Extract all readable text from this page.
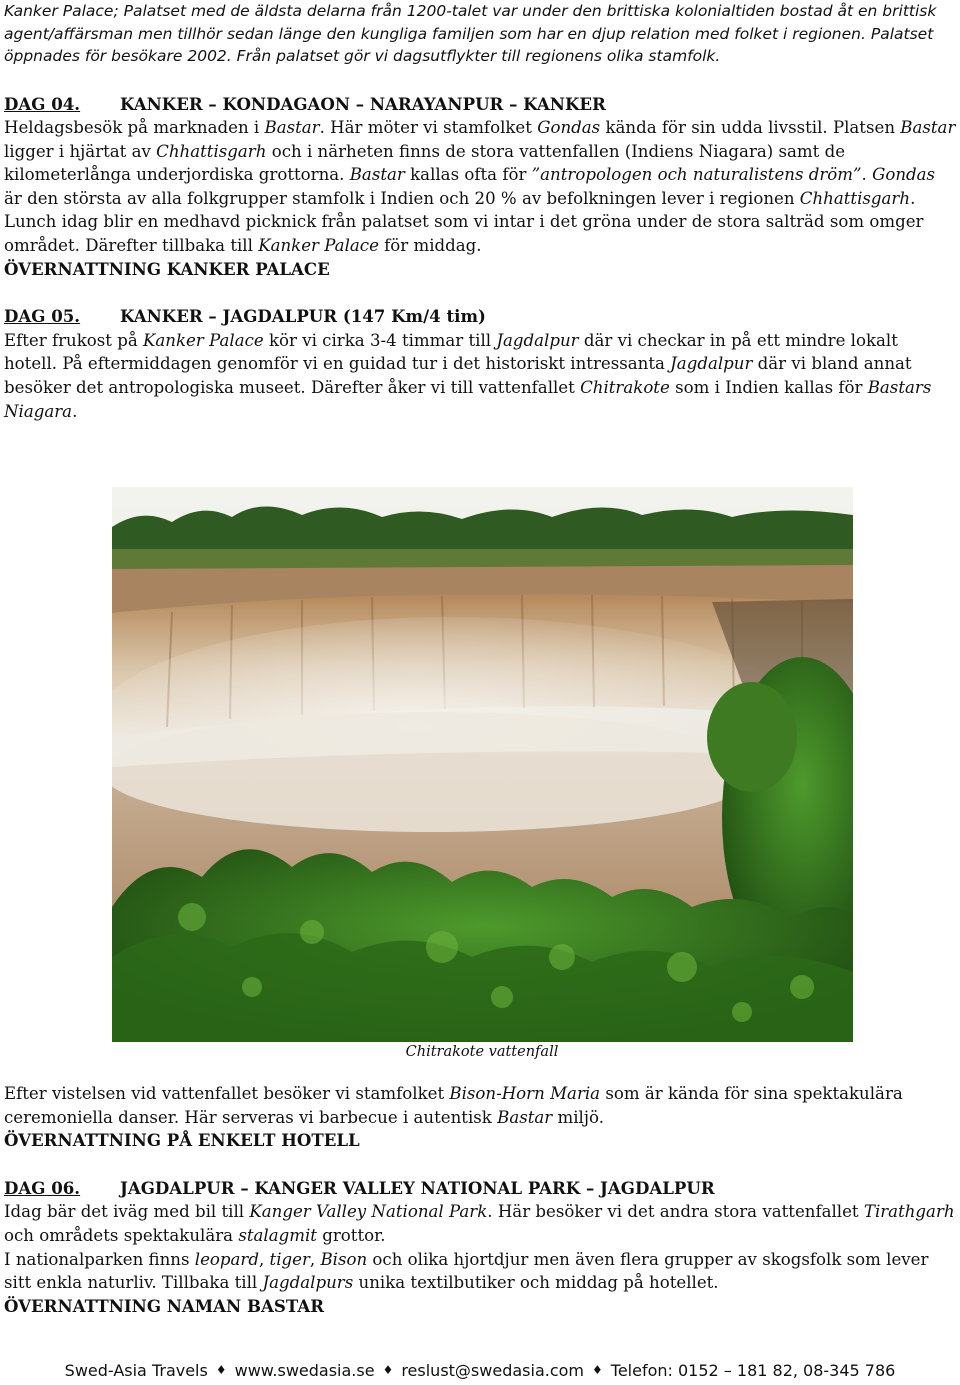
Kanker Palace; Palatset med de äldsta delarna från 1200-talet var under den brittiska kolonialtiden bostad åt en brittisk agent/affärsman men tillhör sedan länge den kungliga familjen som har en djup relation med folket i regionen. Palatset öppnades för besökare 2002. Från palatset gör vi dagsutflykter till regionens olika stamfolk.

DAG 04. KANKER – KONDAGAON – NARAYANPUR – KANKER

Heldagsbesök på marknaden i Bastar. Här möter vi stamfolket Gondas kända för sin udda livsstil. Platsen Bastar ligger i hjärtat av Chhattisgarh och i närheten finns de stora vattenfallen (Indiens Niagara) samt de kilometerlånga underjordiska grottorna. Bastar kallas ofta för ”antropologen och naturalistens dröm”. Gondas är den största av alla folkgrupper stamfolk i Indien och 20 % av befolkningen lever i regionen Chhattisgarh.

Lunch idag blir en medhavd picknick från palatset som vi intar i det gröna under de stora salträd som omger området. Därefter tillbaka till Kanker Palace för middag.

ÖVERNATTNING KANKER PALACE

DAG 05. KANKER – JAGDALPUR (147 Km/4 tim)

Efter frukost på Kanker Palace kör vi cirka 3-4 timmar till Jagdalpur där vi checkar in på ett mindre lokalt hotell. På eftermiddagen genomför vi en guidad tur i det historiskt intressanta Jagdalpur där vi bland annat besöker det antropologiska museet. Därefter åker vi till vattenfallet Chitrakote som i Indien kallas för Bastars Niagara.

Chitrakote vattenfall

Efter vistelsen vid vattenfallet besöker vi stamfolket Bison-Horn Maria som är kända för sina spektakulära ceremoniella danser. Här serveras vi barbecue i autentisk Bastar miljö.

ÖVERNATTNING PÅ ENKELT HOTELL

DAG 06. JAGDALPUR – KANGER VALLEY NATIONAL PARK – JAGDALPUR

Idag bär det iväg med bil till Kanger Valley National Park. Här besöker vi det andra stora vattenfallet Tirathgarh och områdets spektakulära stalagmit grottor.

I nationalparken finns leopard, tiger, Bison och olika hjortdjur men även flera grupper av skogsfolk som lever sitt enkla naturliv. Tillbaka till Jagdalpurs unika textilbutiker och middag på hotellet.

ÖVERNATTNING NAMAN BASTAR

Swed-Asia Travels ♦ www.swedasia.se ♦ reslust@swedasia.com ♦ Telefon: 0152 – 181 82, 08-345 786
